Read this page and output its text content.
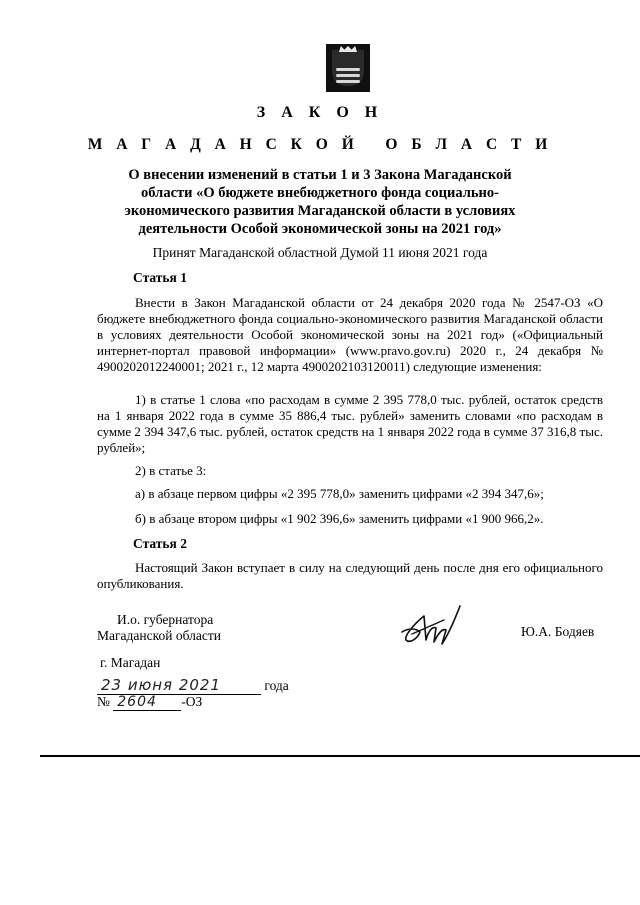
З А К О Н
М А Г А Д А Н С К О Й   О Б Л А С Т И
О внесении изменений в статьи 1 и 3 Закона Магаданской области «О бюджете внебюджетного фонда социально-экономического развития Магаданской области в условиях деятельности Особой экономической зоны на 2021 год»
Принят Магаданской областной Думой 11 июня 2021 года
Статья 1
Внести в Закон Магаданской области от 24 декабря 2020 года № 2547-ОЗ «О бюджете внебюджетного фонда социально-экономического развития Магаданской области в условиях деятельности Особой экономической зоны на 2021 год» («Официальный интернет-портал правовой информации» (www.pravo.gov.ru) 2020 г., 24 декабря № 4900202012240001; 2021 г., 12 марта 4900202103120011) следующие изменения:
1) в статье 1 слова «по расходам в сумме 2 395 778,0 тыс. рублей, остаток средств на 1 января 2022 года в сумме 35 886,4 тыс. рублей» заменить словами «по расходам в сумме 2 394 347,6 тыс. рублей, остаток средств на 1 января 2022 года в сумме 37 316,8 тыс. рублей»;
2) в статье 3:
а) в абзаце первом цифры «2 395 778,0» заменить цифрами «2 394 347,6»;
б) в абзаце втором цифры «1 902 396,6» заменить цифрами «1 900 966,2».
Статья 2
Настоящий Закон вступает в силу на следующий день после дня его официального опубликования.
И.о. губернатора
Магаданской области	Ю.А. Бодяев
г. Магадан
23 июня 2021	года
№ 2604 -ОЗ
